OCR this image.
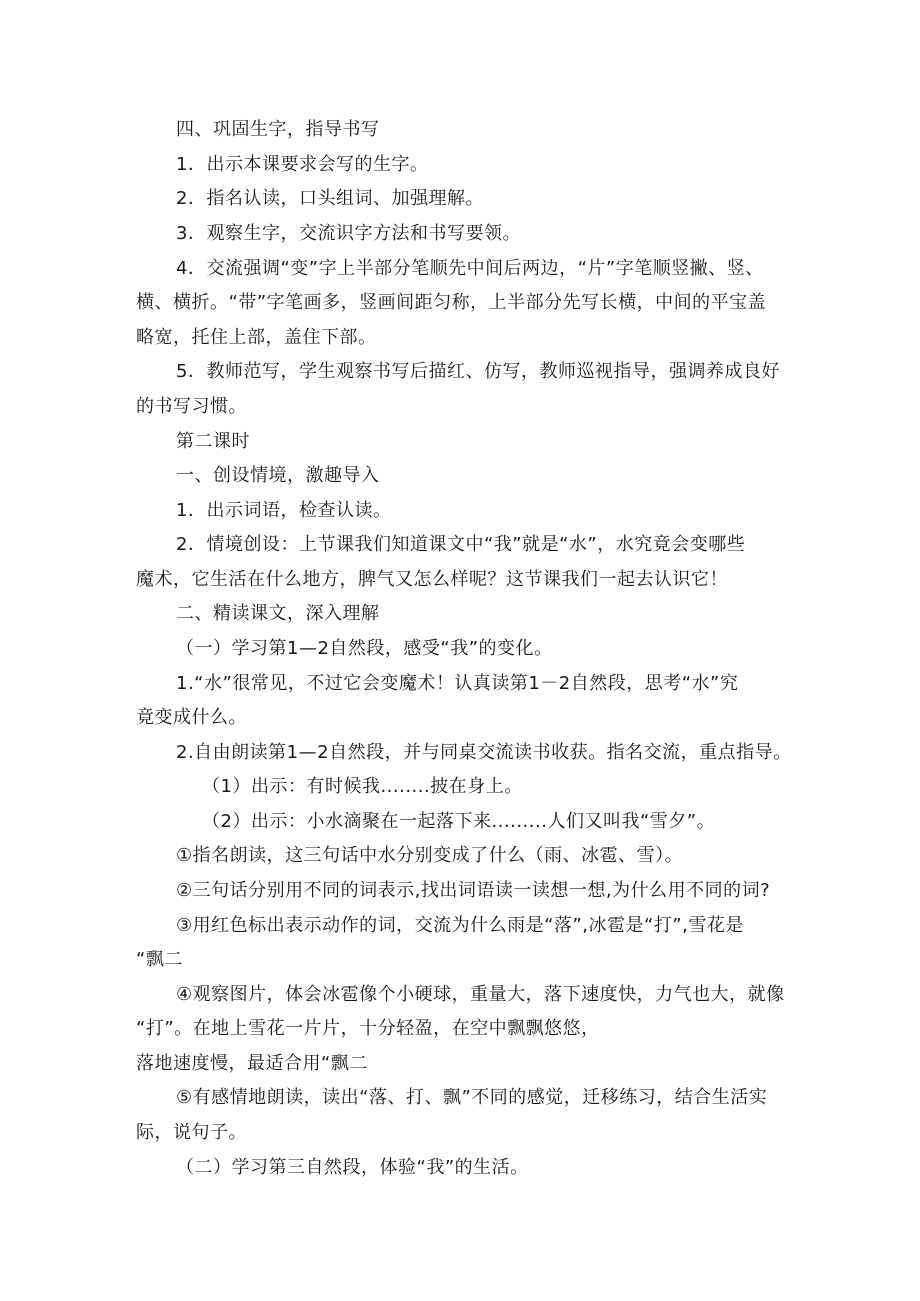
四、巩固生字，指导书写
1．出示本课要求会写的生字。
2．指名认读，口头组词、加强理解。
3．观察生字，交流识字方法和书写要领。
4．交流强调“变”字上半部分笔顺先中间后两边，“片”字笔顺竖撇、竖、
横、横折。“带”字笔画多，竖画间距匀称，上半部分先写长横，中间的平宝盖
略宽，托住上部，盖住下部。
5．教师范写，学生观察书写后描红、仿写，教师巡视指导，强调养成良好
的书写习惯。
第二课时
一、创设情境，激趣导入
1．出示词语，检查认读。
2．情境创设：上节课我们知道课文中“我”就是“水”，水究竟会变哪些
魔术，它生活在什么地方，脾气又怎么样呢？这节课我们一起去认识它！
二、精读课文，深入理解
（一）学习第1—2自然段，感受“我”的变化。
1.“水”很常见，不过它会变魔术！认真读第1－2自然段，思考“水”究
竟变成什么。
2.自由朗读第1—2自然段，并与同桌交流读书收获。指名交流，重点指导。
（1）出示：有时候我........披在身上。
（2）出示：小水滴聚在一起落下来.........人们又叫我“雪夕”。
①指名朗读，这三句话中水分别变成了什么（雨、冰雹、雪）。
②三句话分别用不同的词表示,找出词语读一读想一想,为什么用不同的词?
③用红色标出表示动作的词，交流为什么雨是“落”,冰雹是“打”,雪花是
“飘二
④观察图片，体会冰雹像个小硬球，重量大，落下速度快，力气也大，就像
“打”。在地上雪花一片片，十分轻盈，在空中飘飘悠悠，
落地速度慢，最适合用“飘二
⑤有感情地朗读，读出“落、打、飘”不同的感觉，迁移练习，结合生活实
际，说句子。
（二）学习第三自然段，体验“我”的生活。
